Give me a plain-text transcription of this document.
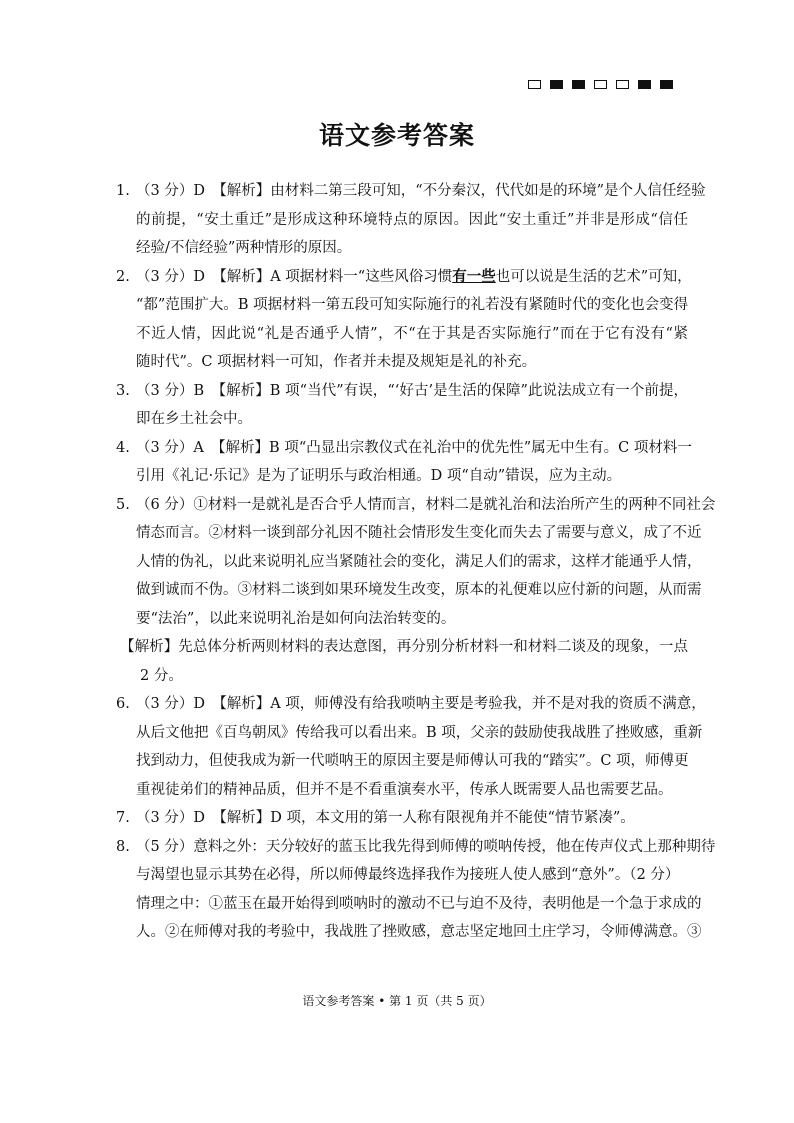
语文参考答案
1. （3 分）D　【解析】由材料二第三段可知，“不分秦汉，代代如是的环境”是个人信任经验
的前提，“安土重迁”是形成这种环境特点的原因。因此“安土重迁”并非是形成“信任
经验/不信经验”两种情形的原因。
2. （3 分）D　【解析】A 项据材料一“这些风俗习惯有一些也可以说是生活的艺术”可知，
“都”范围扩大。B 项据材料一第五段可知实际施行的礼若没有紧随时代的变化也会变得
不近人情，因此说“礼是否通乎人情”，不“在于其是否实际施行”而在于它有没有“紧
随时代”。C 项据材料一可知，作者并未提及规矩是礼的补充。
3. （3 分）B　【解析】B 项“当代”有误，“‘好古’是生活的保障”此说法成立有一个前提，
即在乡土社会中。
4. （3 分）A　【解析】B 项“凸显出宗教仪式在礼治中的优先性”属无中生有。C 项材料一
引用《礼记·乐记》是为了证明乐与政治相通。D 项“自动”错误，应为主动。
5. （6 分）①材料一是就礼是否合乎人情而言，材料二是就礼治和法治所产生的两种不同社会
情态而言。②材料一谈到部分礼因不随社会情形发生变化而失去了需要与意义，成了不近
人情的伪礼，以此来说明礼应当紧随社会的变化，满足人们的需求，这样才能通乎人情，
做到诚而不伪。③材料二谈到如果环境发生改变，原本的礼便难以应付新的问题，从而需
要“法治”，以此来说明礼治是如何向法治转变的。
【解析】先总体分析两则材料的表达意图，再分别分析材料一和材料二谈及的现象，一点
2 分。
6. （3 分）D　【解析】A 项，师傅没有给我唢呐主要是考验我，并不是对我的资质不满意，
从后文他把《百鸟朝凤》传给我可以看出来。B 项，父亲的鼓励使我战胜了挫败感，重新
找到动力，但使我成为新一代唢呐王的原因主要是师傅认可我的“踏实”。C 项，师傅更
重视徒弟们的精神品质，但并不是不看重演奏水平，传承人既需要人品也需要艺品。
7. （3 分）D　【解析】D 项，本文用的第一人称有限视角并不能使“情节紧凑”。
8. （5 分）意料之外：天分较好的蓝玉比我先得到师傅的唢呐传授，他在传声仪式上那种期待
与渴望也显示其势在必得，所以师傅最终选择我作为接班人使人感到“意外”。（2 分）
情理之中：①蓝玉在最开始得到唢呐时的激动不已与迫不及待，表明他是一个急于求成的
人。②在师傅对我的考验中，我战胜了挫败感，意志坚定地回土庄学习，令师傅满意。③
语文参考答案 • 第 1 页（共 5 页）
